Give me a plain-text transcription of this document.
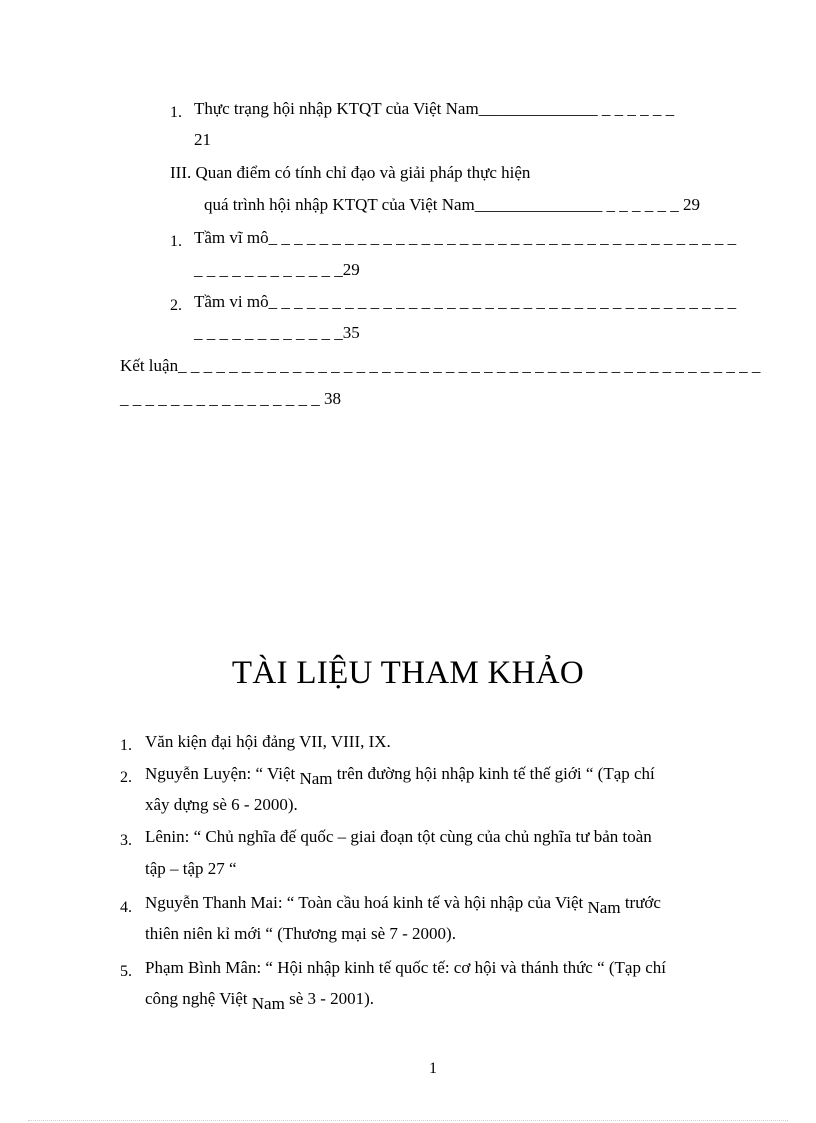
1. Thực trạng hội nhập KTQT của Việt Nam______________ _ _ _ _ _ _
21
III. Quan điểm có tính chỉ đạo và giải pháp thực hiện
quá trình hội nhập KTQT của Việt Nam_______________ _ _ _ _ _ _ 29
1. Tầm vĩ mô_ _ _ _ _ _ _ _ _ _ _ _ _ _ _ _ _ _ _ _ _ _ _ _ _ _ _ _ _ _ _ _ _ _ _ _ _
_ _ _ _ _ _ _ _ _ _ _ _29
2. Tầm vi mô_ _ _ _ _ _ _ _ _ _ _ _ _ _ _ _ _ _ _ _ _ _ _ _ _ _ _ _ _ _ _ _ _ _ _ _ _
_ _ _ _ _ _ _ _ _ _ _ _35
Kết luận_ _ _ _ _ _ _ _ _ _ _ _ _ _ _ _ _ _ _ _ _ _ _ _ _ _ _ _ _ _ _ _ _ _ _ _ _ _ _ _ _ _ _ _ _ _
_ _ _ _ _ _ _ _ _ _ _ _ _ _ _ _ 38
TÀI LIỆU THAM KHẢO
1. Văn kiện đại hội đảng VII, VIII, IX.
2. Nguyễn Luyện: “ Việt Nam trên đường hội nhập kinh tế thế giới “ (Tạp chí
xây dựng sè 6 - 2000).
3. Lênin: “ Chủ nghĩa đế quốc – giai đoạn tột cùng của chủ nghĩa tư bản toàn
tập – tập 27 “
4. Nguyễn Thanh Mai: “ Toàn cầu hoá kinh tế và hội nhập của Việt Nam trước
thiên niên kỉ mới “ (Thương mại sè 7 - 2000).
5. Phạm Bình Mân: “ Hội nhập kinh tế quốc tế: cơ hội và thánh thức “ (Tạp chí
công nghệ Việt Nam sè 3 - 2001).
1
